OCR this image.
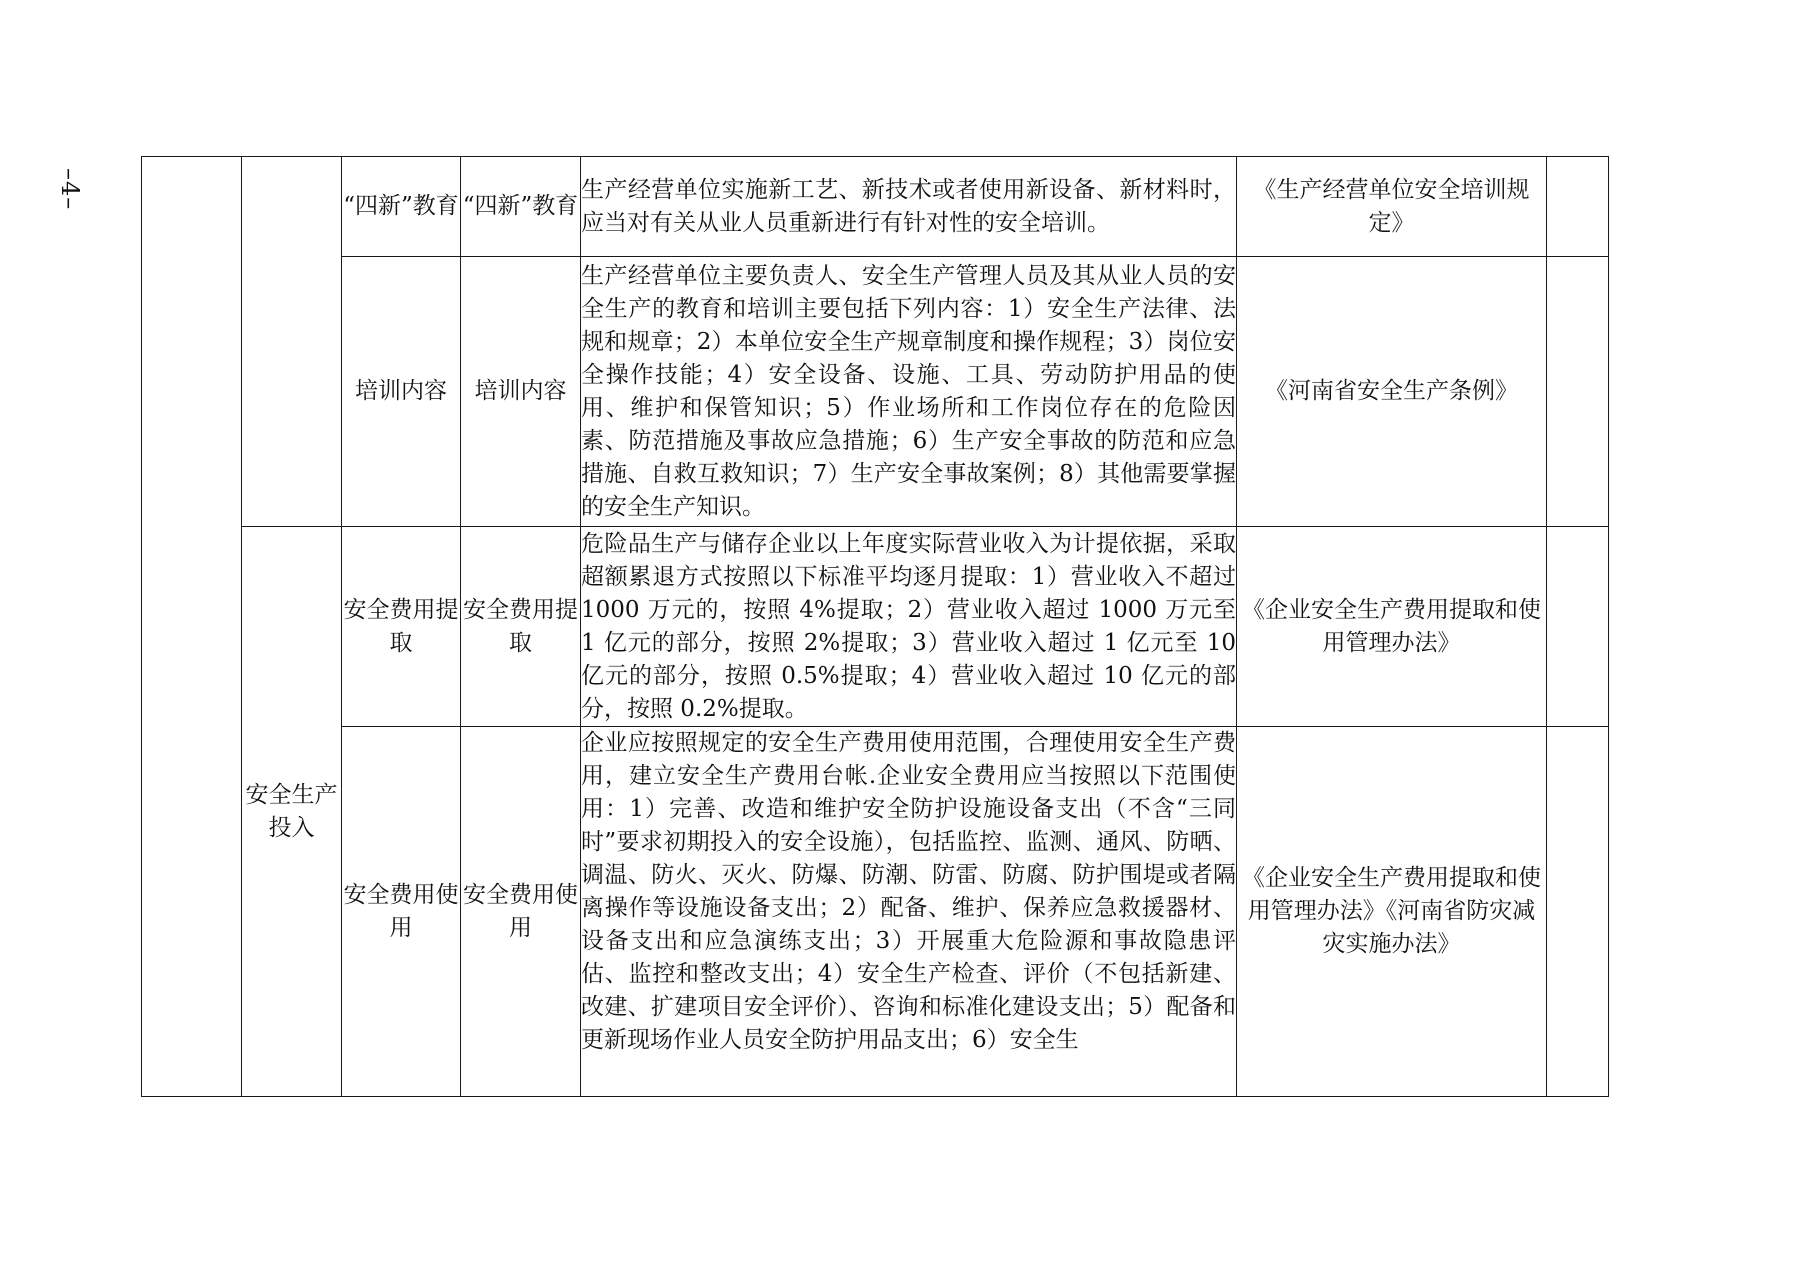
–4–
			“四新”教育	“四新”教育	生产经营单位实施新工艺、新技术或者使用新设备、新材料时，应当对有关从业人员重新进行有针对性的安全培训。	《生产经营单位安全培训规定》	
		培训内容	培训内容	生产经营单位主要负责人、安全生产管理人员及其从业人员的安全生产的教育和培训主要包括下列内容：1）安全生产法律、法规和规章；2）本单位安全生产规章制度和操作规程；3）岗位安全操作技能；4）安全设备、设施、工具、劳动防护用品的使用、维护和保管知识；5）作业场所和工作岗位存在的危险因素、防范措施及事故应急措施；6）生产安全事故的防范和应急措施、自救互救知识；7）生产安全事故案例；8）其他需要掌握的安全生产知识。	《河南省安全生产条例》	
	安全生产投入	安全费用提取	安全费用提取	危险品生产与储存企业以上年度实际营业收入为计提依据，采取超额累退方式按照以下标准平均逐月提取：1）营业收入不超过 1000 万元的，按照 4%提取；2）营业收入超过 1000 万元至 1 亿元的部分，按照 2%提取；3）营业收入超过 1 亿元至 10 亿元的部分，按照 0.5%提取；4）营业收入超过 10 亿元的部分，按照 0.2%提取。	《企业安全生产费用提取和使用管理办法》	
		安全费用使用	安全费用使用	企业应按照规定的安全生产费用使用范围，合理使用安全生产费用，建立安全生产费用台帐.企业安全费用应当按照以下范围使用：1）完善、改造和维护安全防护设施设备支出（不含“三同时”要求初期投入的安全设施），包括监控、监测、通风、防晒、调温、防火、灭火、防爆、防潮、防雷、防腐、防护围堤或者隔离操作等设施设备支出；2）配备、维护、保养应急救援器材、设备支出和应急演练支出；3）开展重大危险源和事故隐患评估、监控和整改支出；4）安全生产检查、评价（不包括新建、改建、扩建项目安全评价）、咨询和标准化建设支出；5）配备和更新现场作业人员安全防护用品支出；6）安全生	《企业安全生产费用提取和使用管理办法》《河南省防灾减灾实施办法》	
